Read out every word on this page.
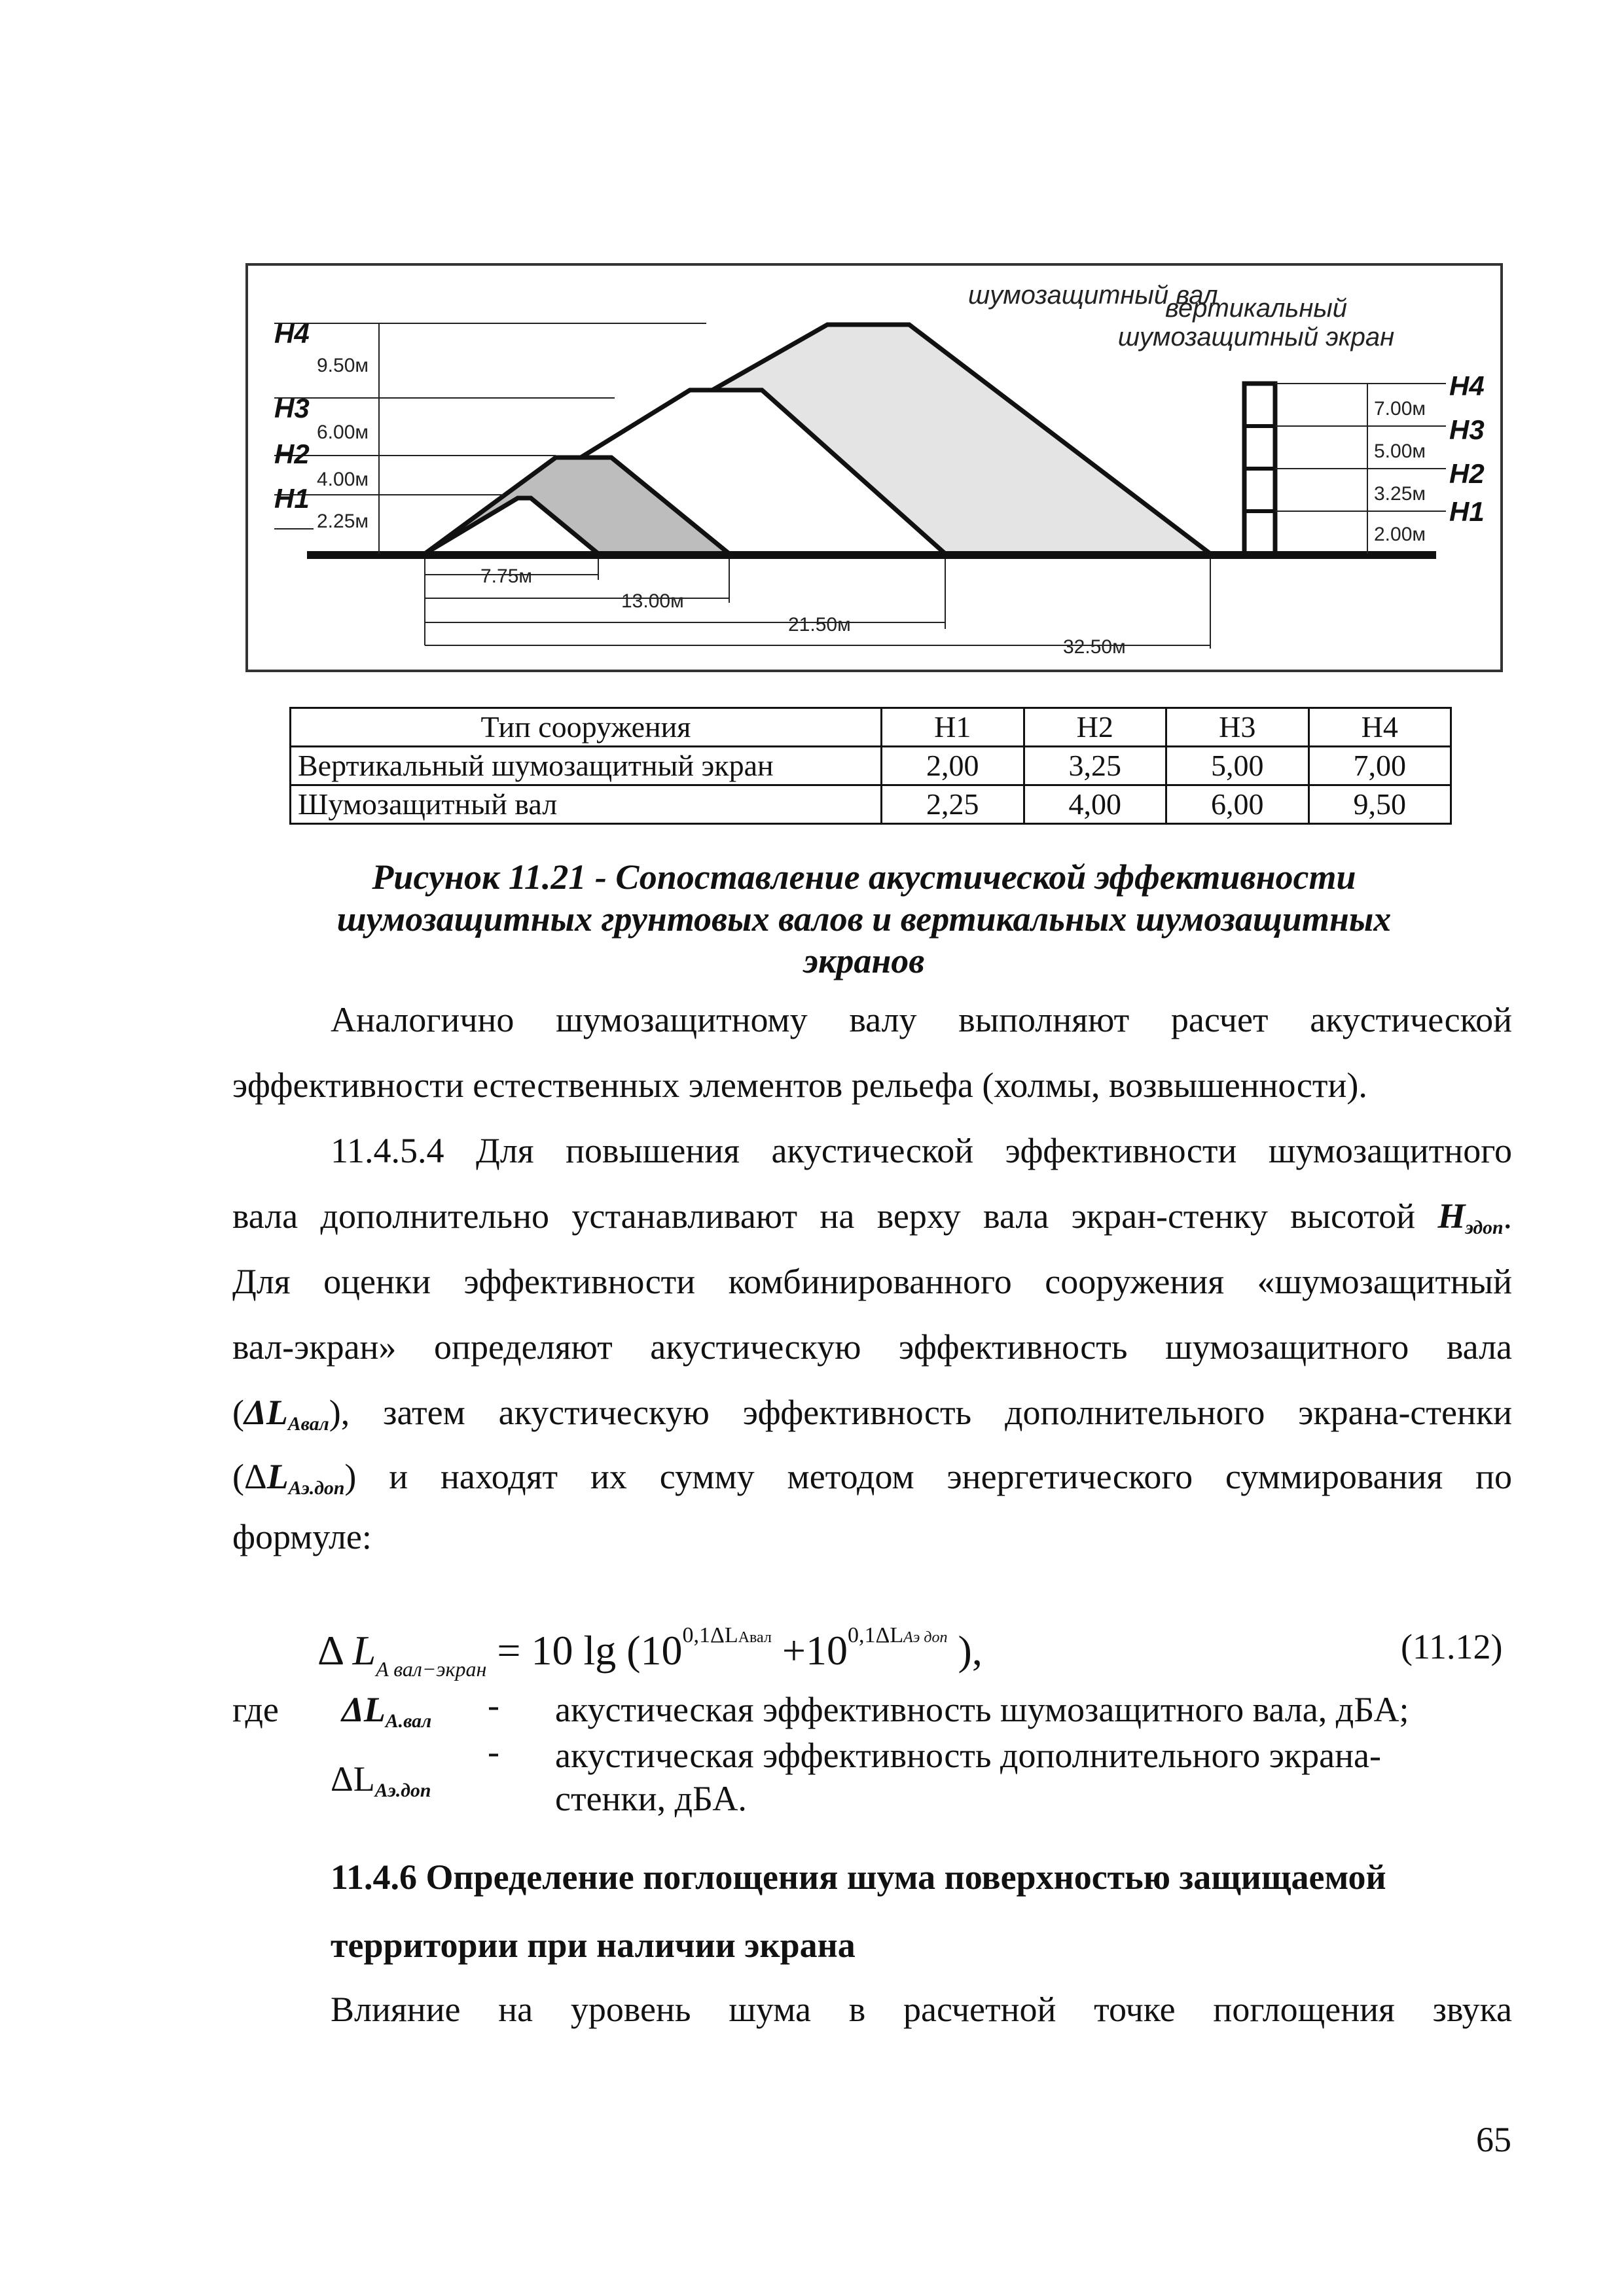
шумозащитный вал
вертикальный
шумозащитный экран
H4
H3
H2
H1
9.50м
6.00м
4.00м
2.25м
H4
H3
H2
H1
7.00м
5.00м
3.25м
2.00м
7.75м
13.00м
21.50м
32.50м
Тип сооружения	H1	H2	H3	H4
Вертикальный шумозащитный экран	2,00	3,25	5,00	7,00
Шумозащитный вал	2,25	4,00	6,00	9,50
Рисунок 11.21 - Сопоставление акустической эффективности
шумозащитных грунтовых валов и вертикальных шумозащитных
экранов
Аналогично шумозащитному валу выполняют расчет акустической
эффективности естественных элементов рельефа (холмы, возвышенности).
11.4.5.4 Для повышения акустической эффективности шумозащитного
вала дополнительно устанавливают на верху вала экран-стенку высотой $H_{эдоп}$.
Для оценки эффективности комбинированного сооружения «шумозащитный
вал-экран» определяют акустическую эффективность шумозащитного вала
$(\Delta L_{Aвал})$, затем акустическую эффективность дополнительного экрана-стенки
$(\Delta L_{Aэ.доп})$ и находят их сумму методом энергетического суммирования по
формуле:
Δ $L_{A вал-экран} = 10$ $\lg (10^{0,1\Delta LAвал} +10^{0,1\Delta LAэ доп}$ ),	(11.12)
где $\Delta L_{A.вал}$ - акустическая эффективность шумозащитного вала, дБА;
$\Delta L_{Aэ.доп}$
- акустическая эффективность дополнительного экрана-
стенки, дБА.
11.4.6 Определение поглощения шума поверхностью защищаемой
территории при наличии экрана
Влияние на уровень шума в расчетной точке поглощения звука
65
